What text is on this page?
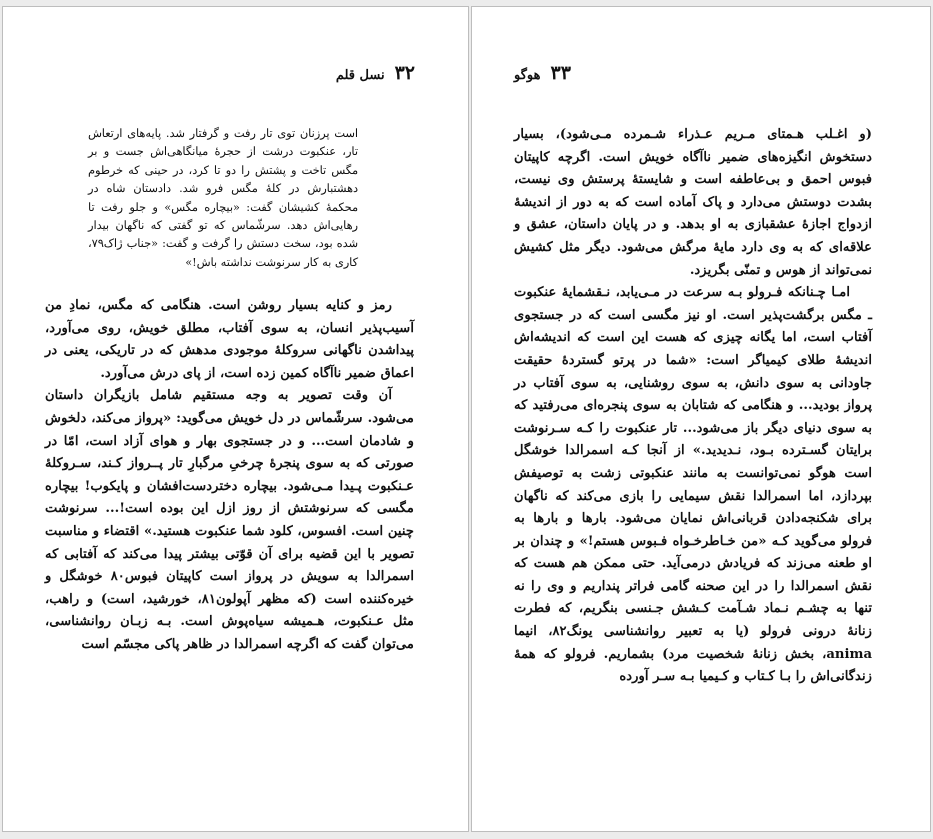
۳۲
نسل قلم

است پرزنان توی تار رفت و گرفتار شد. پایه‌های ارتعاش تار، عنکبوت درشت از حجرهٔ میانگاهی‌اش جست و بر مگس تاخت و پشتش را دو تا کرد، در حینی که خرطوم دهشتبارش در کلهٔ مگس فرو شد. دادستان شاه در محکمهٔ کشیشان گفت: «بیچاره مگس» و جلو رفت تا رهایی‌اش دهد. سرشّماس که تو گفتی که ناگهان بیدار شده بود، سخت دستش را گرفت و گفت: «جناب ژاک۷۹، کاری به کار سرنوشت نداشته باش!»

رمز و کنایه بسیار روشن است. هنگامی که مگس، نمادِ من آسیب‌پذیر انسان، به سوی آفتاب، مطلق خویش، روی می‌آورد، پیداشدن ناگهانی سروکلهٔ موجودی مدهش که در تاریکی، یعنی در اعماق ضمیر ناآگاه کمین زده است، از پای درش می‌آورد.

آن وقت تصویر به وجه مستقیم شامل بازیگران داستان می‌شود. سرشّماس در دل خویش می‌گوید: «پرواز می‌کند، دلخوش و شادمان است... و در جستجوی بهار و هوای آزاد است، امّا در صورتی که به سوی پنجرهٔ چرخیِ مرگبارِ تار پــرواز کـند، سـروکلهٔ عـنکبوت پـیدا مـی‌شود. بیچاره دختردست‌افشان و پایکوب! بیچاره مگسی که سرنوشتش از روز ازل این بوده است!... سرنوشت چنین است. افسوس، کلود شما عنکبوت هستید.» اقتضاء و مناسبت تصویر با این قضیه برای آن قوّتی بیشتر پیدا می‌کند که آفتابی که اسمرالدا به سویش در پرواز است کاپیتان فبوس۸۰ خوشگل و خیره‌کننده است (که مظهر آپولون۸۱، خورشید، است) و راهب، مثل عـنکبوت، هـمیشه سیاه‌پوش است. بـه زبـان روانشناسی، می‌توان گفت که اگرچه اسمرالدا در ظاهر پاکی مجسّم است

۳۳
هوگو

(و اغـلب هـمتای مـریم عـذراء شـمرده مـی‌شود)، بسیار دستخوش انگیزه‌های ضمیر ناآگاه خویش است. اگرچه کاپیتان فبوس احمق و بی‌عاطفه است و شایستهٔ پرستش وی نیست، بشدت دوستش می‌دارد و پاک آماده است که به دور از اندیشهٔ ازدواج اجازهٔ عشقبازی به او بدهد. و در پایان داستان، عشق و علاقه‌ای که به وی دارد مایهٔ مرگش می‌شود. دیگر مثل کشیش نمی‌تواند از هوس و تمنّی بگریزد.

امـا چـنانکه فـرولو بـه سرعت در مـی‌یابد، نـقشمایهٔ عنکبوت ـ مگس برگشت‌پذیر است. او نیز مگسی است که در جستجوی آفتاب است، اما یگانه چیزی که هست این است که اندیشه‌اش اندیشهٔ طلای کیمیاگر است: «شما در پرتو گستردهٔ حقیقت جاودانی به سوی دانش، به سوی روشنایی، به سوی آفتاب در پرواز بودید... و هنگامی که شتابان به سوی پنجره‌ای می‌رفتید که به سوی دنیای دیگر باز می‌شود... تار عنکبوت را کـه سـرنوشت برایتان گسـترده بـود، نـدیدید.» از آنجا کـه اسمرالدا خوشگل است هوگو نمی‌توانست به مانند عنکبوتی زشت به توصیفش بپردازد، اما اسمرالدا نقش سیمایی را بازی می‌کند که ناگهان برای شکنجه‌دادن قربانی‌اش نمایان می‌شود. بارها و بارها به فرولو می‌گوید کـه «من خـاطرخـواه فـبوس هستم!» و چندان بر او طعنه می‌زند که فریادش درمی‌آید. حتی ممکن هم هست که نقش اسمرالدا را در این صحنه گامی فراتر پنداریم و وی را نه تنها به چشـم نـماد شـآمت کـشش جـنسی بنگریم، که فطرت زنانهٔ درونی فرولو (یا به تعبیر روانشناسی یونگ۸۲، انیما anima، بخش زنانهٔ شخصیت مرد) بشماریم. فرولو که همهٔ زندگانی‌اش را بـا کـتاب و کـیمیا بـه سـر آورده
